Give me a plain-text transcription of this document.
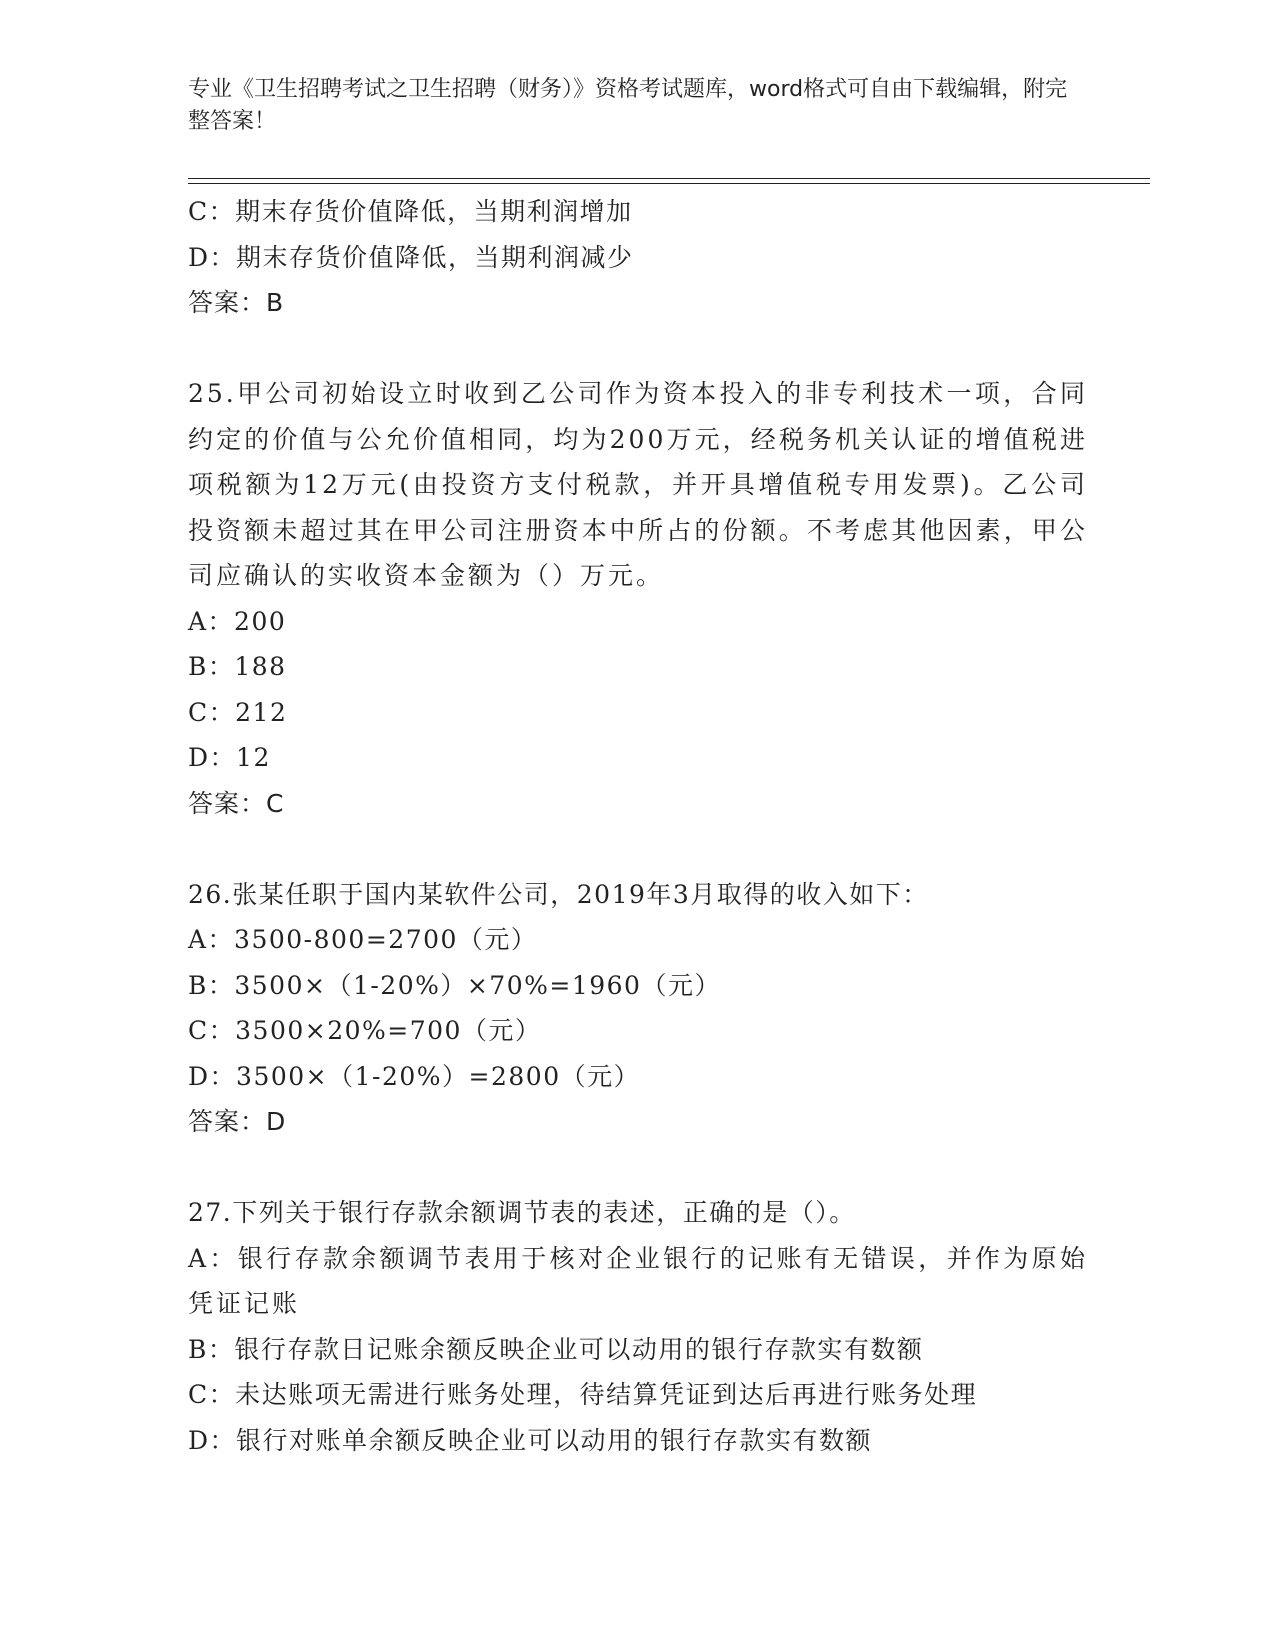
专业《卫生招聘考试之卫生招聘（财务）》资格考试题库，word格式可自由下载编辑，附完整答案！
C：期末存货价值降低，当期利润增加
D：期末存货价值降低，当期利润减少
答案：B
25.甲公司初始设立时收到乙公司作为资本投入的非专利技术一项，合同约定的价值与公允价值相同，均为200万元，经税务机关认证的增值税进项税额为12万元(由投资方支付税款，并开具增值税专用发票)。乙公司投资额未超过其在甲公司注册资本中所占的份额。不考虑其他因素，甲公司应确认的实收资本金额为（）万元。
A：200
B：188
C：212
D：12
答案：C
26.张某任职于国内某软件公司，2019年3月取得的收入如下：
A：3500-800=2700（元）
B：3500×（1-20%）×70%=1960（元）
C：3500×20%=700（元）
D：3500×（1-20%）=2800（元）
答案：D
27.下列关于银行存款余额调节表的表述，正确的是（）。
A：银行存款余额调节表用于核对企业银行的记账有无错误，并作为原始凭证记账
B：银行存款日记账余额反映企业可以动用的银行存款实有数额
C：未达账项无需进行账务处理，待结算凭证到达后再进行账务处理
D：银行对账单余额反映企业可以动用的银行存款实有数额
